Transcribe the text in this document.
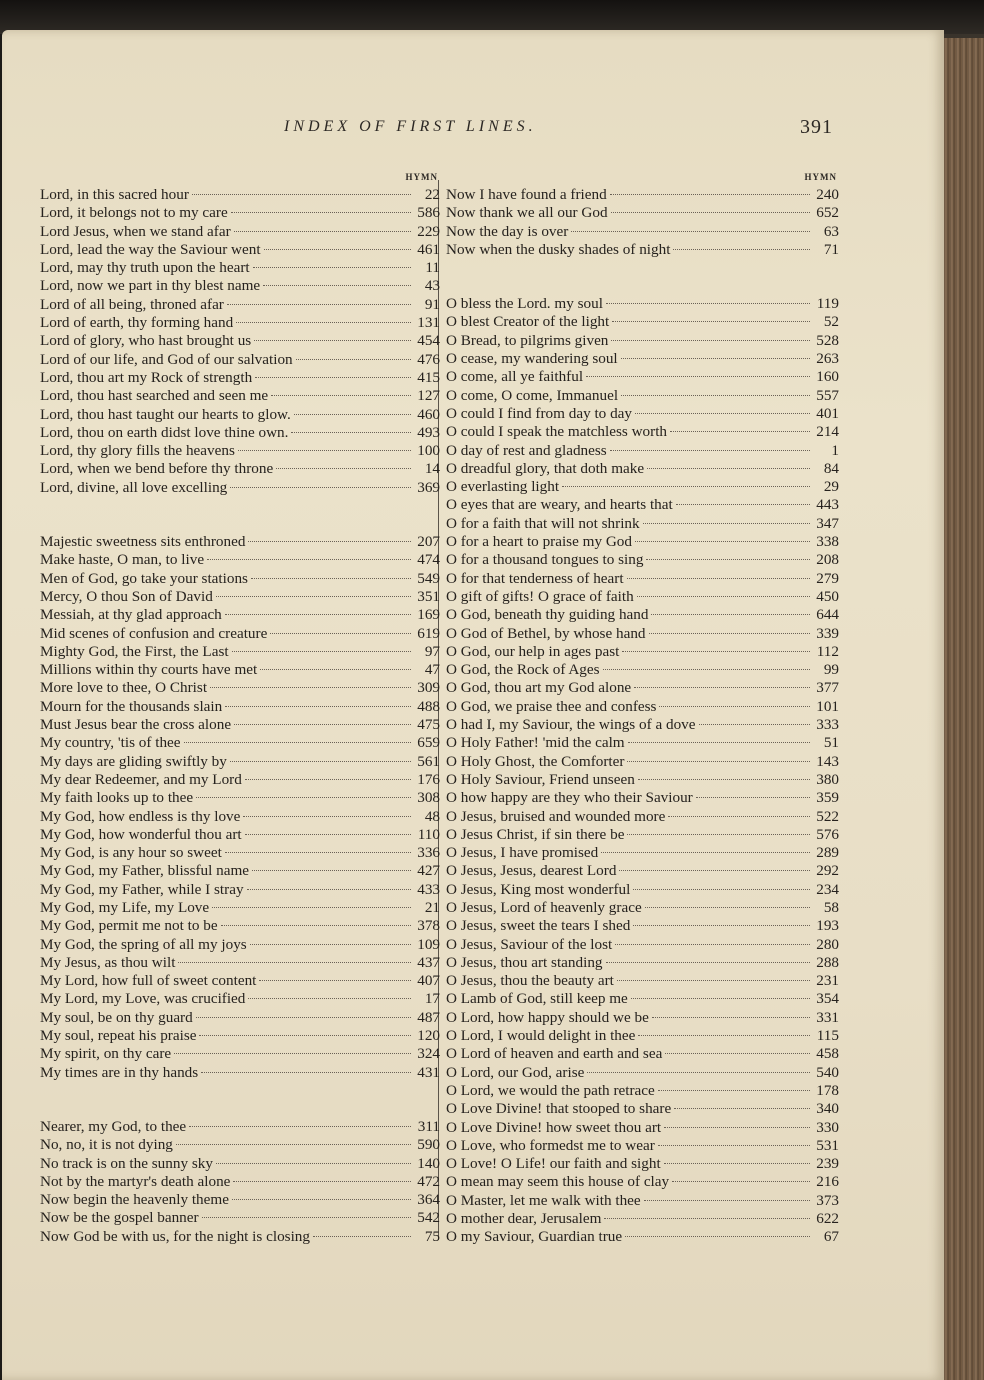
INDEX OF FIRST LINES.	391
HYMN
Lord, in this sacred hour	22
Lord, it belongs not to my care	586
Lord Jesus, when we stand afar	229
Lord, lead the way the Saviour went	461
Lord, may thy truth upon the heart	11
Lord, now we part in thy blest name	43
Lord of all being, throned afar	91
Lord of earth, thy forming hand	131
Lord of glory, who hast brought us	454
Lord of our life, and God of our salvation	476
Lord, thou art my Rock of strength	415
Lord, thou hast searched and seen me	127
Lord, thou hast taught our hearts to glow.	460
Lord, thou on earth didst love thine own.	493
Lord, thy glory fills the heavens	100
Lord, when we bend before thy throne	14
Lord, divine, all love excelling	369
Majestic sweetness sits enthroned	207
Make haste, O man, to live	474
Men of God, go take your stations	549
Mercy, O thou Son of David	351
Messiah, at thy glad approach	169
Mid scenes of confusion and creature	619
Mighty God, the First, the Last	97
Millions within thy courts have met	47
More love to thee, O Christ	309
Mourn for the thousands slain	488
Must Jesus bear the cross alone	475
My country, 'tis of thee	659
My days are gliding swiftly by	561
My dear Redeemer, and my Lord	176
My faith looks up to thee	308
My God, how endless is thy love	48
My God, how wonderful thou art	110
My God, is any hour so sweet	336
My God, my Father, blissful name	427
My God, my Father, while I stray	433
My God, my Life, my Love	21
My God, permit me not to be	378
My God, the spring of all my joys	109
My Jesus, as thou wilt	437
My Lord, how full of sweet content	407
My Lord, my Love, was crucified	17
My soul, be on thy guard	487
My soul, repeat his praise	120
My spirit, on thy care	324
My times are in thy hands	431
Nearer, my God, to thee	311
No, no, it is not dying	590
No track is on the sunny sky	140
Not by the martyr's death alone	472
Now begin the heavenly theme	364
Now be the gospel banner	542
Now God be with us, for the night is closing	75
HYMN
Now I have found a friend	240
Now thank we all our God	652
Now the day is over	63
Now when the dusky shades of night	71
O bless the Lord. my soul	119
O blest Creator of the light	52
O Bread, to pilgrims given	528
O cease, my wandering soul	263
O come, all ye faithful	160
O come, O come, Immanuel	557
O could I find from day to day	401
O could I speak the matchless worth	214
O day of rest and gladness	1
O dreadful glory, that doth make	84
O everlasting light	29
O eyes that are weary, and hearts that	443
O for a faith that will not shrink	347
O for a heart to praise my God	338
O for a thousand tongues to sing	208
O for that tenderness of heart	279
O gift of gifts! O grace of faith	450
O God, beneath thy guiding hand	644
O God of Bethel, by whose hand	339
O God, our help in ages past	112
O God, the Rock of Ages	99
O God, thou art my God alone	377
O God, we praise thee and confess	101
O had I, my Saviour, the wings of a dove	333
O Holy Father! 'mid the calm	51
O Holy Ghost, the Comforter	143
O Holy Saviour, Friend unseen	380
O how happy are they who their Saviour	359
O Jesus, bruised and wounded more	522
O Jesus Christ, if sin there be	576
O Jesus, I have promised	289
O Jesus, Jesus, dearest Lord	292
O Jesus, King most wonderful	234
O Jesus, Lord of heavenly grace	58
O Jesus, sweet the tears I shed	193
O Jesus, Saviour of the lost	280
O Jesus, thou art standing	288
O Jesus, thou the beauty art	231
O Lamb of God, still keep me	354
O Lord, how happy should we be	331
O Lord, I would delight in thee	115
O Lord of heaven and earth and sea	458
O Lord, our God, arise	540
O Lord, we would the path retrace	178
O Love Divine! that stooped to share	340
O Love Divine! how sweet thou art	330
O Love, who formedst me to wear	531
O Love! O Life! our faith and sight	239
O mean may seem this house of clay	216
O Master, let me walk with thee	373
O mother dear, Jerusalem	622
O my Saviour, Guardian true	67
